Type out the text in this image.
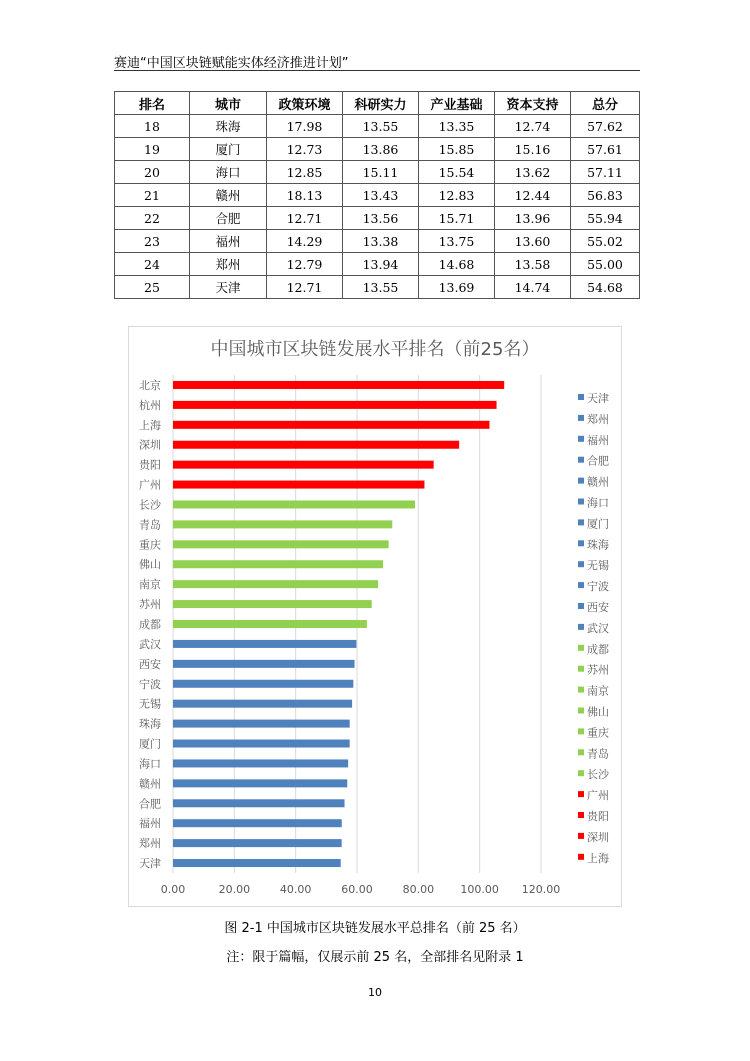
赛迪“中国区块链赋能实体经济推进计划”
排名	城市	政策环境	科研实力	产业基础	资本支持	总分
18	珠海	17.98	13.55	13.35	12.74	57.62
19	厦门	12.73	13.86	15.85	15.16	57.61
20	海口	12.85	15.11	15.54	13.62	57.11
21	赣州	18.13	13.43	12.83	12.44	56.83
22	合肥	12.71	13.56	15.71	13.96	55.94
23	福州	14.29	13.38	13.75	13.60	55.02
24	郑州	12.79	13.94	14.68	13.58	55.00
25	天津	12.71	13.55	13.69	14.74	54.68
中国城市区块链发展水平排名（前25名）
0.00	20.00	40.00	60.00	80.00 100.00 120.00
北京
杭州
上海
深圳
贵阳
广州
长沙
青岛
重庆
佛山
南京
苏州
成都
武汉
西安
宁波
无锡
珠海
厦门
海口
赣州
合肥
福州
郑州
天津
天津
郑州
福州
合肥
赣州
海口
厦门
珠海
无锡
宁波
西安
武汉
成都
苏州
南京
佛山
重庆
青岛
长沙
广州
贵阳
深圳
上海
图 2-1 中国城市区块链发展水平总排名（前 25 名）
注：限于篇幅，仅展示前 25 名，全部排名见附录 1
10
